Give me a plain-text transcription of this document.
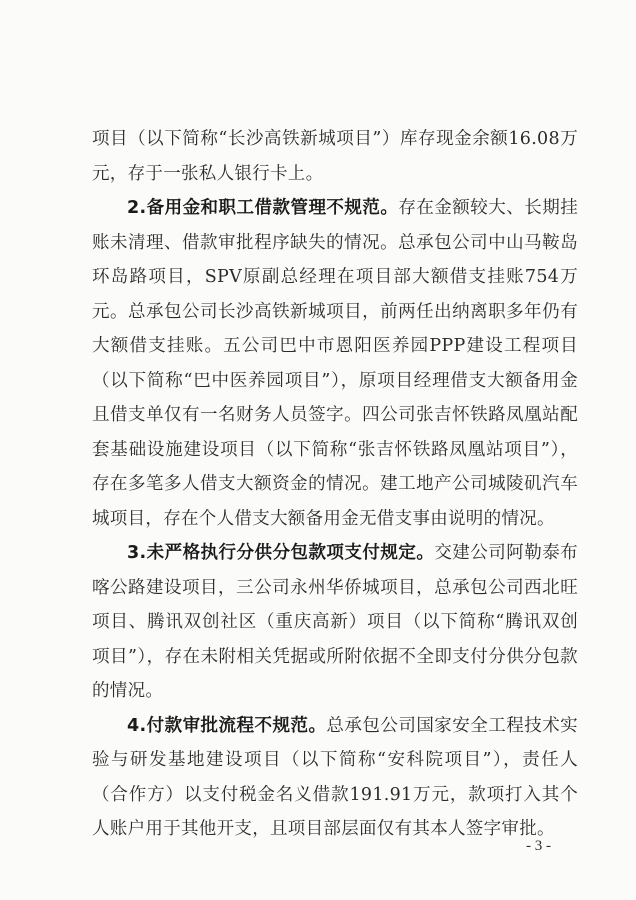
项目（以下简称“长沙高铁新城项目”）库存现金余额16.08万元，存于一张私人银行卡上。

2.备用金和职工借款管理不规范。存在金额较大、长期挂账未清理、借款审批程序缺失的情况。总承包公司中山马鞍岛环岛路项目，SPV原副总经理在项目部大额借支挂账754万元。总承包公司长沙高铁新城项目，前两任出纳离职多年仍有大额借支挂账。五公司巴中市恩阳医养园PPP建设工程项目（以下简称“巴中医养园项目”），原项目经理借支大额备用金且借支单仅有一名财务人员签字。四公司张吉怀铁路凤凰站配套基础设施建设项目（以下简称“张吉怀铁路凤凰站项目”），存在多笔多人借支大额资金的情况。建工地产公司城陵矶汽车城项目，存在个人借支大额备用金无借支事由说明的情况。

3.未严格执行分供分包款项支付规定。交建公司阿勒泰布喀公路建设项目，三公司永州华侨城项目，总承包公司西北旺项目、腾讯双创社区（重庆高新）项目（以下简称“腾讯双创项目”），存在未附相关凭据或所附依据不全即支付分供分包款的情况。

4.付款审批流程不规范。总承包公司国家安全工程技术实验与研发基地建设项目（以下简称“安科院项目”），责任人（合作方）以支付税金名义借款191.91万元，款项打入其个人账户用于其他开支，且项目部层面仅有其本人签字审批。

- 3 -
